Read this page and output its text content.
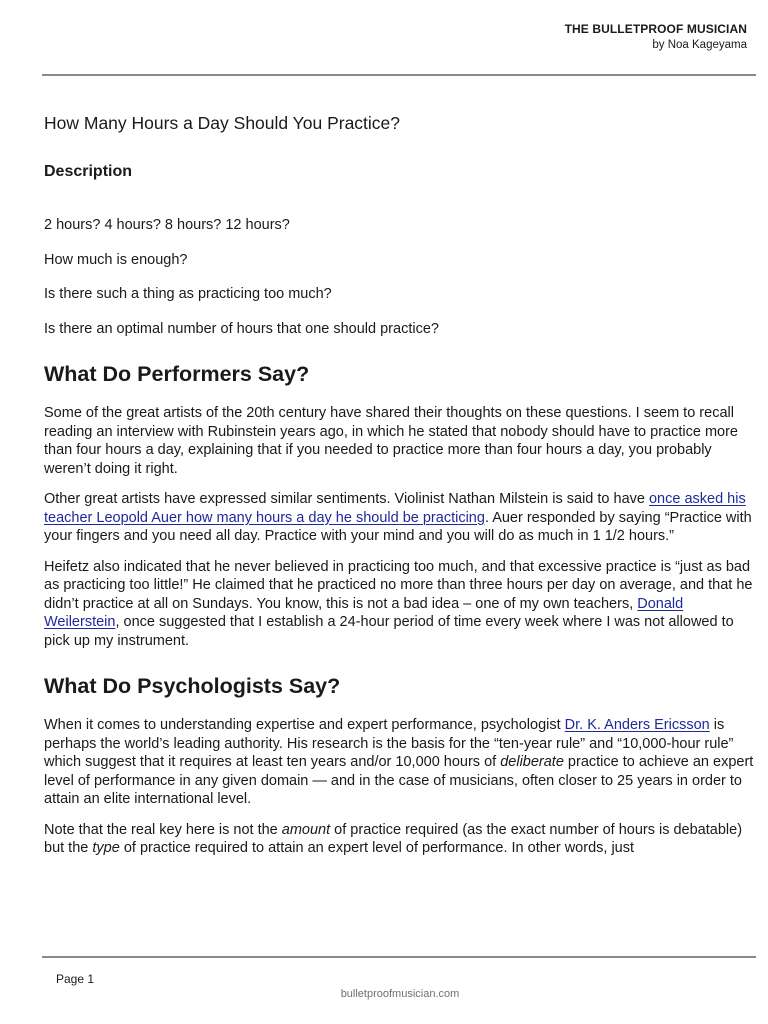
THE BULLETPROOF MUSICIAN
by Noa Kageyama
How Many Hours a Day Should You Practice?
Description

2 hours? 4 hours? 8 hours? 12 hours?

How much is enough?

Is there such a thing as practicing too much?

Is there an optimal number of hours that one should practice?

What Do Performers Say?

Some of the great artists of the 20th century have shared their thoughts on these questions. I seem to recall reading an interview with Rubinstein years ago, in which he stated that nobody should have to practice more than four hours a day, explaining that if you needed to practice more than four hours a day, you probably weren’t doing it right.

Other great artists have expressed similar sentiments. Violinist Nathan Milstein is said to have once asked his teacher Leopold Auer how many hours a day he should be practicing. Auer responded by saying “Practice with your fingers and you need all day. Practice with your mind and you will do as much in 1 1/2 hours.”

Heifetz also indicated that he never believed in practicing too much, and that excessive practice is “just as bad as practicing too little!” He claimed that he practiced no more than three hours per day on average, and that he didn’t practice at all on Sundays. You know, this is not a bad idea – one of my own teachers, Donald Weilerstein, once suggested that I establish a 24-hour period of time every week where I was not allowed to pick up my instrument.

What Do Psychologists Say?

When it comes to understanding expertise and expert performance, psychologist Dr. K. Anders Ericsson is perhaps the world’s leading authority. His research is the basis for the “ten-year rule” and “10,000-hour rule” which suggest that it requires at least ten years and/or 10,000 hours of deliberate practice to achieve an expert level of performance in any given domain — and in the case of musicians, often closer to 25 years in order to attain an elite international level.

Note that the real key here is not the amount of practice required (as the exact number of hours is debatable) but the type of practice required to attain an expert level of performance. In other words, just

Page 1
bulletproofmusician.com
